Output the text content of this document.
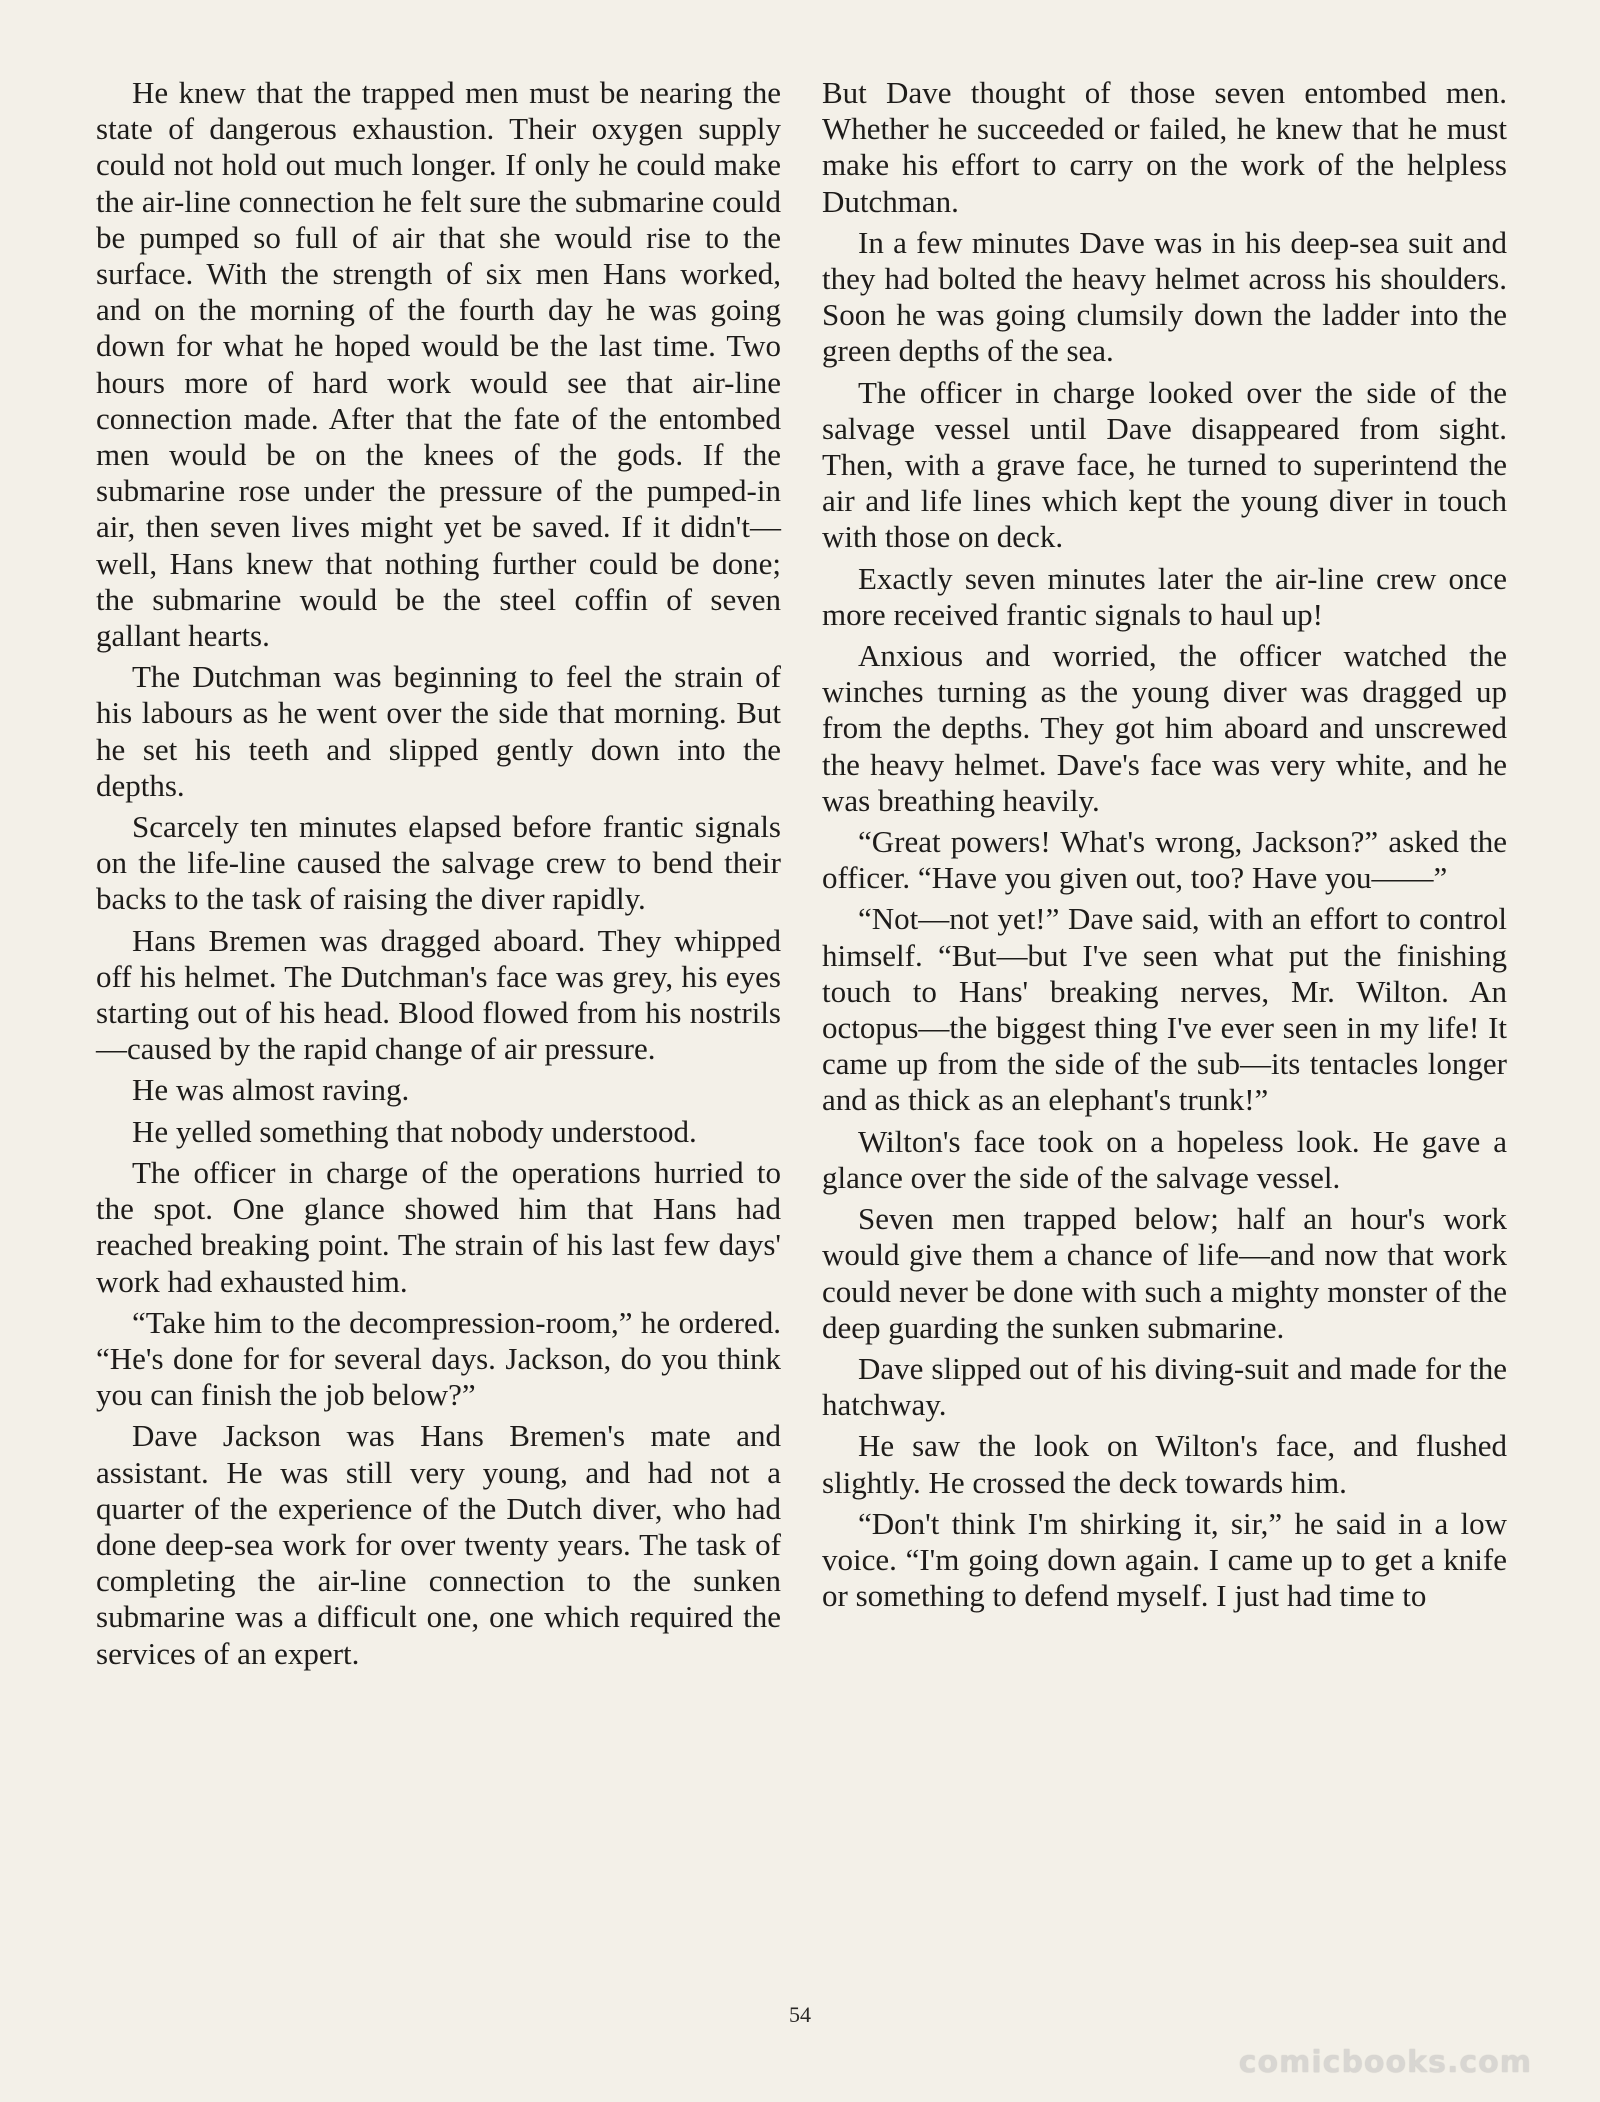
He knew that the trapped men must be nearing the state of dangerous exhaustion. Their oxygen supply could not hold out much longer. If only he could make the air-line connection he felt sure the submarine could be pumped so full of air that she would rise to the surface. With the strength of six men Hans worked, and on the morning of the fourth day he was going down for what he hoped would be the last time. Two hours more of hard work would see that air-line connection made. After that the fate of the entombed men would be on the knees of the gods. If the submarine rose under the pressure of the pumped-in air, then seven lives might yet be saved. If it didn't—well, Hans knew that nothing further could be done; the submarine would be the steel coffin of seven gallant hearts.

The Dutchman was beginning to feel the strain of his labours as he went over the side that morning. But he set his teeth and slipped gently down into the depths.

Scarcely ten minutes elapsed before frantic signals on the life-line caused the salvage crew to bend their backs to the task of raising the diver rapidly.

Hans Bremen was dragged aboard. They whipped off his helmet. The Dutchman's face was grey, his eyes starting out of his head. Blood flowed from his nostrils—caused by the rapid change of air pressure.

He was almost raving.

He yelled something that nobody understood.

The officer in charge of the operations hurried to the spot. One glance showed him that Hans had reached breaking point. The strain of his last few days' work had exhausted him.

“Take him to the decompression-room,” he ordered. “He's done for for several days. Jackson, do you think you can finish the job below?”

Dave Jackson was Hans Bremen's mate and assistant. He was still very young, and had not a quarter of the experience of the Dutch diver, who had done deep-sea work for over twenty years. The task of completing the air-line connection to the sunken submarine was a difficult one, one which required the services of an expert.

But Dave thought of those seven entombed men. Whether he succeeded or failed, he knew that he must make his effort to carry on the work of the helpless Dutchman.

In a few minutes Dave was in his deep-sea suit and they had bolted the heavy helmet across his shoulders. Soon he was going clumsily down the ladder into the green depths of the sea.

The officer in charge looked over the side of the salvage vessel until Dave disappeared from sight. Then, with a grave face, he turned to superintend the air and life lines which kept the young diver in touch with those on deck.

Exactly seven minutes later the air-line crew once more received frantic signals to haul up!

Anxious and worried, the officer watched the winches turning as the young diver was dragged up from the depths. They got him aboard and unscrewed the heavy helmet. Dave's face was very white, and he was breathing heavily.

“Great powers! What's wrong, Jackson?” asked the officer. “Have you given out, too? Have you——”

“Not—not yet!” Dave said, with an effort to control himself. “But—but I've seen what put the finishing touch to Hans' breaking nerves, Mr. Wilton. An octopus—the biggest thing I've ever seen in my life! It came up from the side of the sub—its tentacles longer and as thick as an elephant's trunk!”

Wilton's face took on a hopeless look. He gave a glance over the side of the salvage vessel.

Seven men trapped below; half an hour's work would give them a chance of life—and now that work could never be done with such a mighty monster of the deep guarding the sunken submarine.

Dave slipped out of his diving-suit and made for the hatchway.

He saw the look on Wilton's face, and flushed slightly. He crossed the deck towards him.

“Don't think I'm shirking it, sir,” he said in a low voice. “I'm going down again. I came up to get a knife or something to defend myself. I just had time to

54
comicbooks.com
